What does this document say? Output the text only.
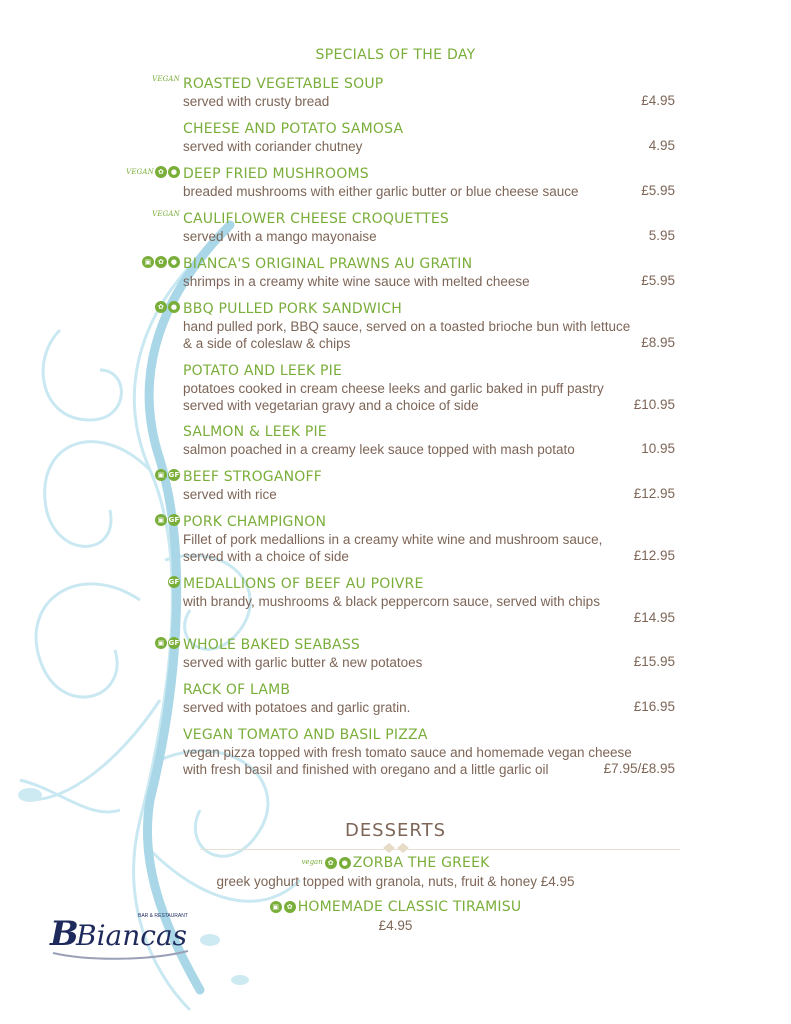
SPECIALS OF THE DAY
ROASTED VEGETABLE SOUP
VEGAN
served with crusty bread	£4.95
CHEESE AND POTATO SAMOSA
served with coriander chutney	4.95
DEEP FRIED MUSHROOMS
VEGAN ✿ ●
breaded mushrooms with either garlic butter or blue cheese sauce	£5.95
CAULIFLOWER CHEESE CROQUETTES
VEGAN
served with a mango mayonaise	5.95
BIANCA'S ORIGINAL PRAWNS AU GRATIN
▣ ✿ ●
shrimps in a creamy white wine sauce with melted cheese	£5.95
BBQ PULLED PORK SANDWICH
✿ ●
hand pulled pork, BBQ sauce, served on a toasted brioche bun with lettuce
& a side of coleslaw & chips	£8.95
POTATO AND LEEK PIE
potatoes cooked in cream cheese leeks and garlic baked in puff pastry
served with vegetarian gravy and a choice of side	£10.95
SALMON & LEEK PIE
salmon poached in a creamy leek sauce topped with mash potato	10.95
BEEF STROGANOFF
▣ GF
served with rice	£12.95
PORK CHAMPIGNON
▣ GF
Fillet of pork medallions in a creamy white wine and mushroom sauce,
served with a choice of side	£12.95
MEDALLIONS OF BEEF AU POIVRE
GF
with brandy, mushrooms & black peppercorn sauce, served with chips
£14.95
WHOLE BAKED SEABASS
▣ GF
served with garlic butter & new potatoes	£15.95
RACK OF LAMB
served with potatoes and garlic gratin.	£16.95
VEGAN TOMATO AND BASIL PIZZA
vegan pizza topped with fresh tomato sauce and homemade vegan cheese
with fresh basil and finished with oregano and a little garlic oil	£7.95/£8.95
DESSERTS
vegan ✿	● ZORBA THE GREEK
greek yoghurt topped with granola, nuts, fruit & honey £4.95
▣	✿ HOMEMADE CLASSIC TIRAMISU
£4.95
B
Biancas
BAR & RESTAURANT
